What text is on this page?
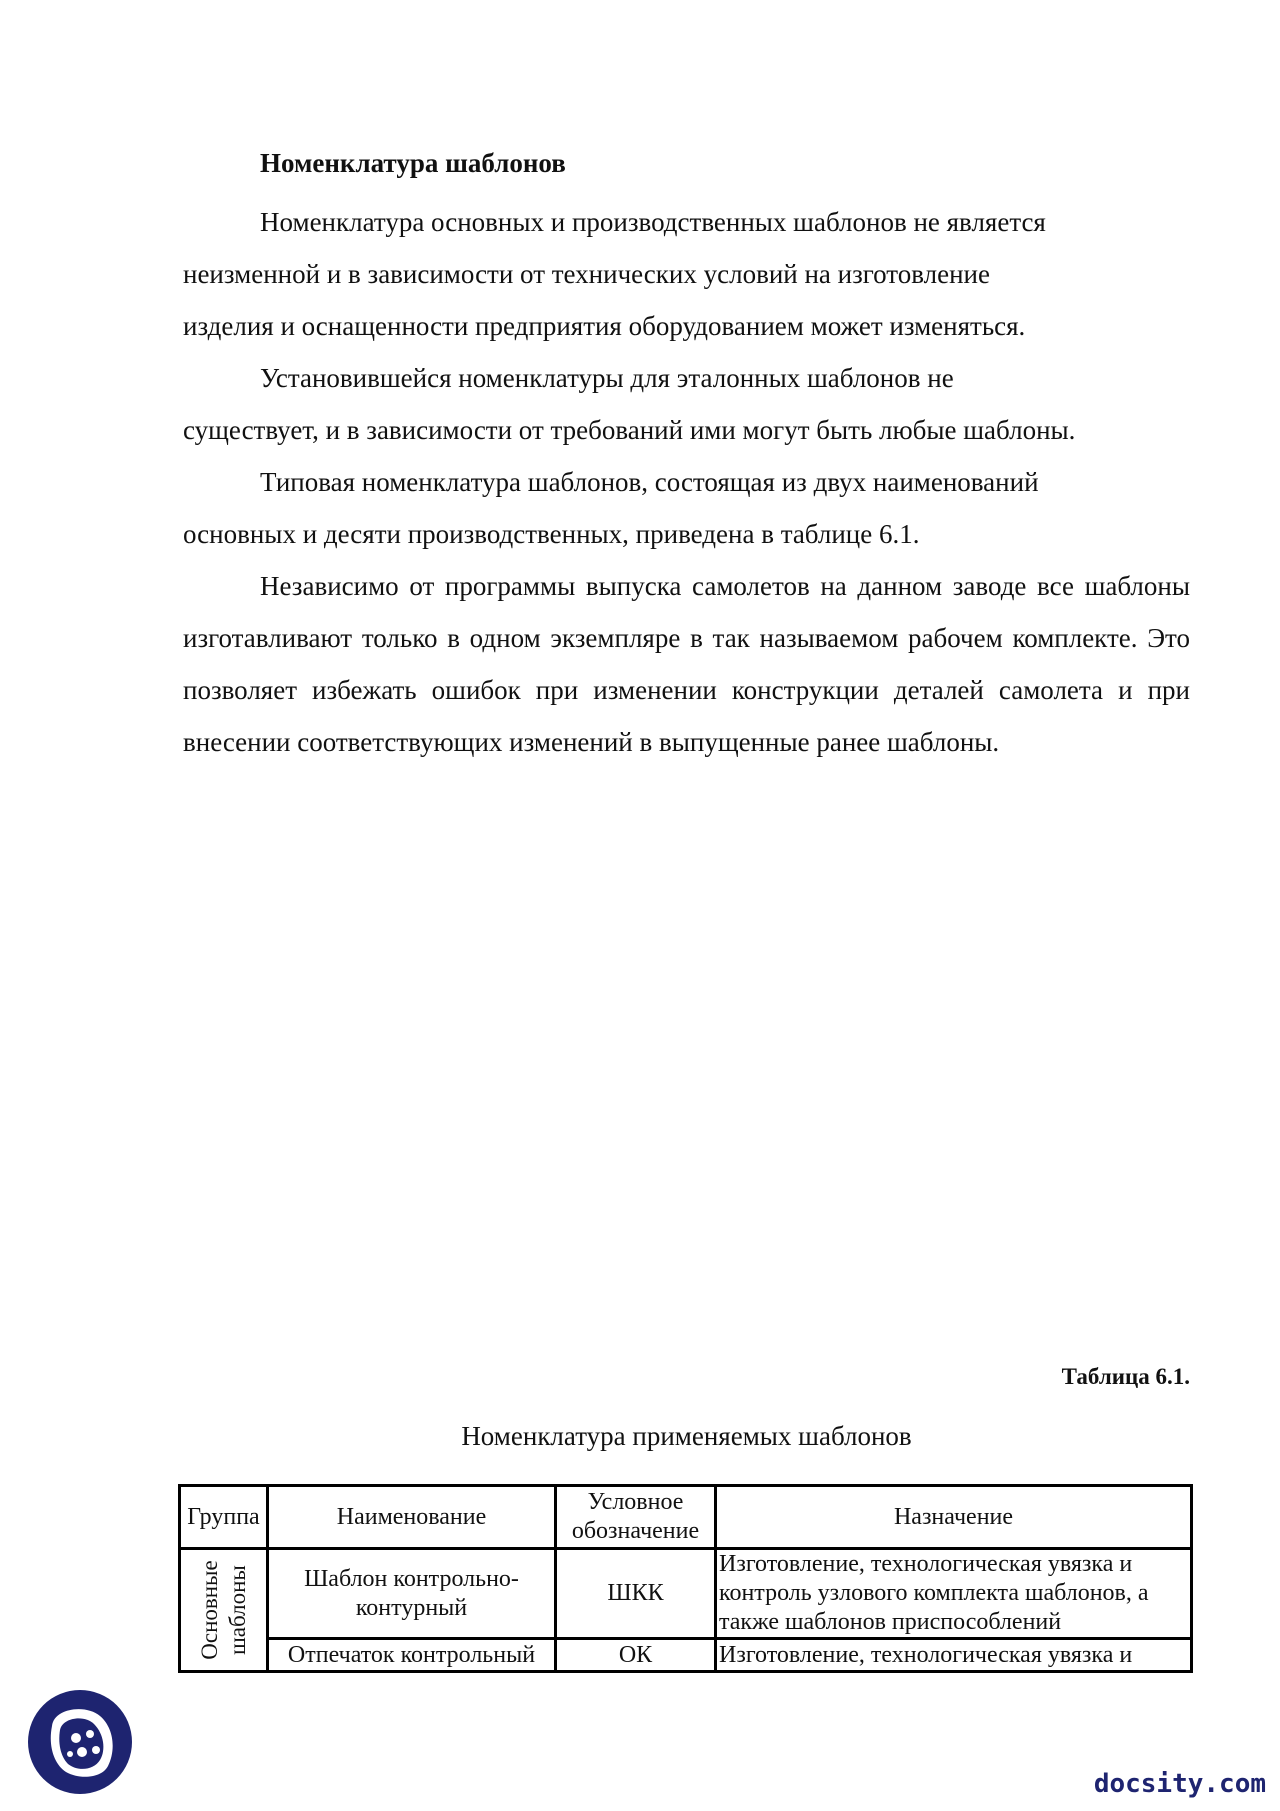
Номенклатура шаблонов

Номенклатура основных и производственных шаблонов не является
неизменной и в зависимости от технических условий на изготовление
изделия и оснащенности предприятия оборудованием может изменяться.

Установившейся номенклатуры для эталонных шаблонов не
существует, и в зависимости от требований ими могут быть любые шаблоны.

Типовая номенклатура шаблонов, состоящая из двух наименований
основных и десяти производственных, приведена в таблице 6.1.

Независимо от программы выпуска самолетов на данном заводе все шаблоны изготавливают только в одном экземпляре в так называемом рабочем комплекте. Это позволяет избежать ошибок при изменении конструкции деталей самолета и при внесении соответствующих изменений в выпущенные ранее шаблоны.

Таблица 6.1.
Номенклатура применяемых шаблонов
Группа	Наименование	Условное обозначение	Назначение

Основные шаблоны	Шаблон контрольно-контурный	ШКК	Изготовление, технологическая увязка и контроль узлового комплекта шаблонов, а также шаблонов приспособлений
	Отпечаток контрольный	ОК	Изготовление, технологическая увязка и
docsity.com
